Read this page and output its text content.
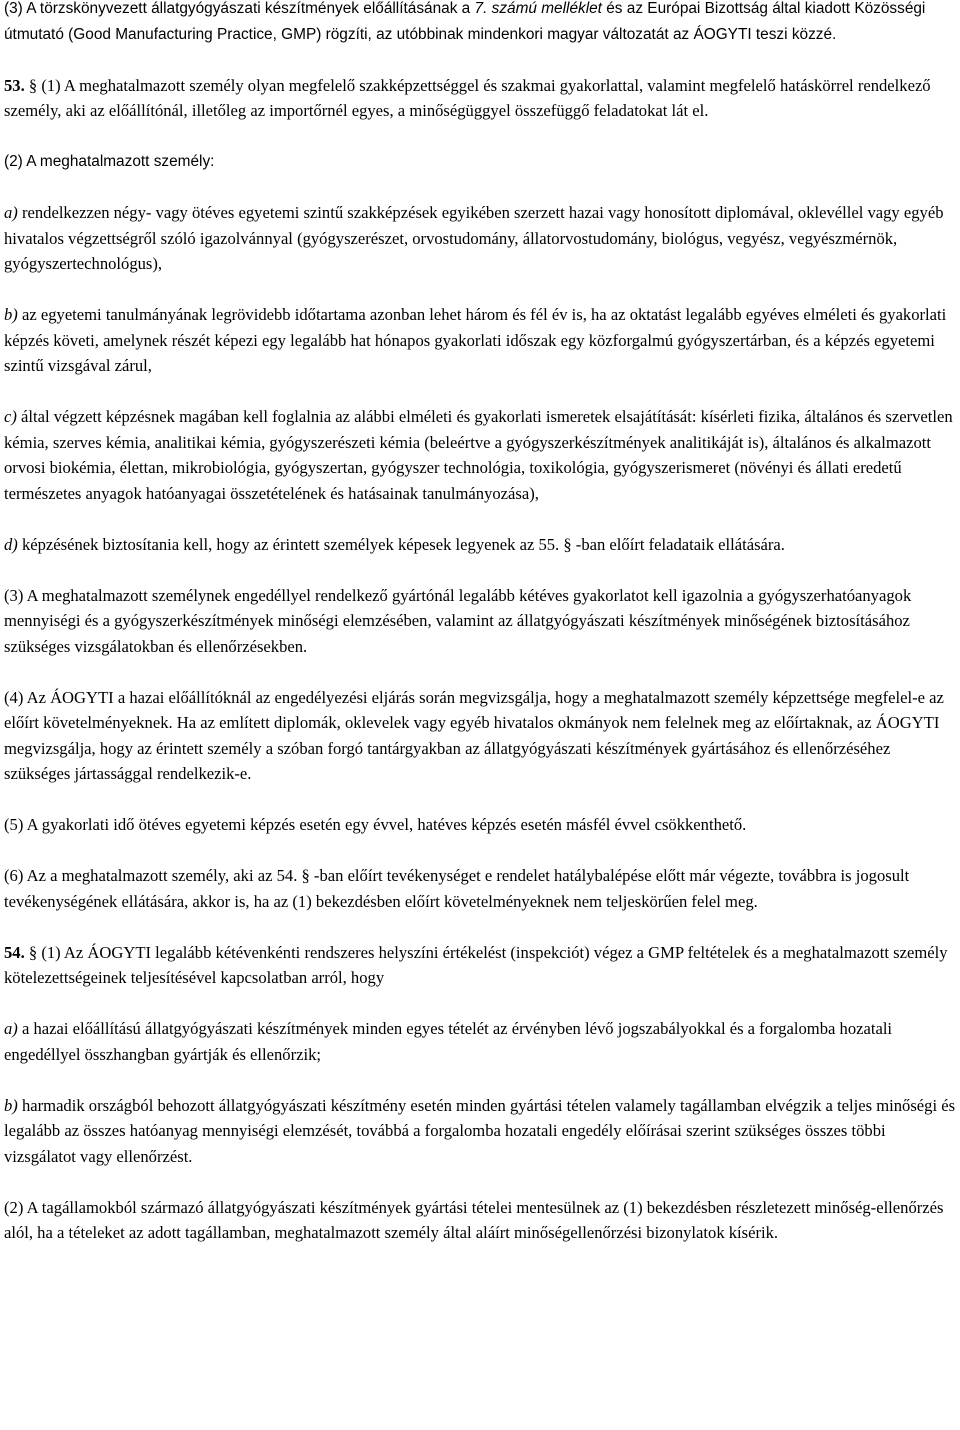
(3) A törzskönyvezett állatgyógyászati készítmények előállításának a 7. számú melléklet és az Európai Bizottság által kiadott Közösségi útmutató (Good Manufacturing Practice, GMP) rögzíti, az utóbbinak mindenkori magyar változatát az ÁOGYTI teszi közzé.

53. § (1) A meghatalmazott személy olyan megfelelő szakképzettséggel és szakmai gyakorlattal, valamint megfelelő hatáskörrel rendelkező személy, aki az előállítónál, illetőleg az importőrnél egyes, a minőségüggyel összefüggő feladatokat lát el.

(2) A meghatalmazott személy:

a) rendelkezzen négy- vagy ötéves egyetemi szintű szakképzések egyikében szerzett hazai vagy honosított diplomával, oklevéllel vagy egyéb hivatalos végzettségről szóló igazolvánnyal (gyógyszerészet, orvostudomány, állatorvostudomány, biológus, vegyész, vegyészmérnök, gyógyszertechnológus),

b) az egyetemi tanulmányának legrövidebb időtartama azonban lehet három és fél év is, ha az oktatást legalább egyéves elméleti és gyakorlati képzés követi, amelynek részét képezi egy legalább hat hónapos gyakorlati időszak egy közforgalmú gyógyszertárban, és a képzés egyetemi szintű vizsgával zárul,

c) által végzett képzésnek magában kell foglalnia az alábbi elméleti és gyakorlati ismeretek elsajátítását: kísérleti fizika, általános és szervetlen kémia, szerves kémia, analitikai kémia, gyógyszerészeti kémia (beleértve a gyógyszerkészítmények analitikáját is), általános és alkalmazott orvosi biokémia, élettan, mikrobiológia, gyógyszertan, gyógyszer technológia, toxikológia, gyógyszerismeret (növényi és állati eredetű természetes anyagok hatóanyagai összetételének és hatásainak tanulmányozása),

d) képzésének biztosítania kell, hogy az érintett személyek képesek legyenek az 55. § -ban előírt feladataik ellátására.

(3) A meghatalmazott személynek engedéllyel rendelkező gyártónál legalább kétéves gyakorlatot kell igazolnia a gyógyszerhatóanyagok mennyiségi és a gyógyszerkészítmények minőségi elemzésében, valamint az állatgyógyászati készítmények minőségének biztosításához szükséges vizsgálatokban és ellenőrzésekben.

(4) Az ÁOGYTI a hazai előállítóknál az engedélyezési eljárás során megvizsgálja, hogy a meghatalmazott személy képzettsége megfelel-e az előírt követelményeknek. Ha az említett diplomák, oklevelek vagy egyéb hivatalos okmányok nem felelnek meg az előírtaknak, az ÁOGYTI megvizsgálja, hogy az érintett személy a szóban forgó tantárgyakban az állatgyógyászati készítmények gyártásához és ellenőrzéséhez szükséges jártassággal rendelkezik-e.

(5) A gyakorlati idő ötéves egyetemi képzés esetén egy évvel, hatéves képzés esetén másfél évvel csökkenthető.

(6) Az a meghatalmazott személy, aki az 54. § -ban előírt tevékenységet e rendelet hatálybalépése előtt már végezte, továbbra is jogosult tevékenységének ellátására, akkor is, ha az (1) bekezdésben előírt követelményeknek nem teljeskörűen felel meg.

54. § (1) Az ÁOGYTI legalább kétévenkénti rendszeres helyszíni értékelést (inspekciót) végez a GMP feltételek és a meghatalmazott személy kötelezettségeinek teljesítésével kapcsolatban arról, hogy

a) a hazai előállítású állatgyógyászati készítmények minden egyes tételét az érvényben lévő jogszabályokkal és a forgalomba hozatali engedéllyel összhangban gyártják és ellenőrzik;

b) harmadik országból behozott állatgyógyászati készítmény esetén minden gyártási tételen valamely tagállamban elvégzik a teljes minőségi és legalább az összes hatóanyag mennyiségi elemzését, továbbá a forgalomba hozatali engedély előírásai szerint szükséges összes többi vizsgálatot vagy ellenőrzést.

(2) A tagállamokból származó állatgyógyászati készítmények gyártási tételei mentesülnek az (1) bekezdésben részletezett minőség-ellenőrzés alól, ha a tételeket az adott tagállamban, meghatalmazott személy által aláírt minőségellenőrzési bizonylatok kísérik.
